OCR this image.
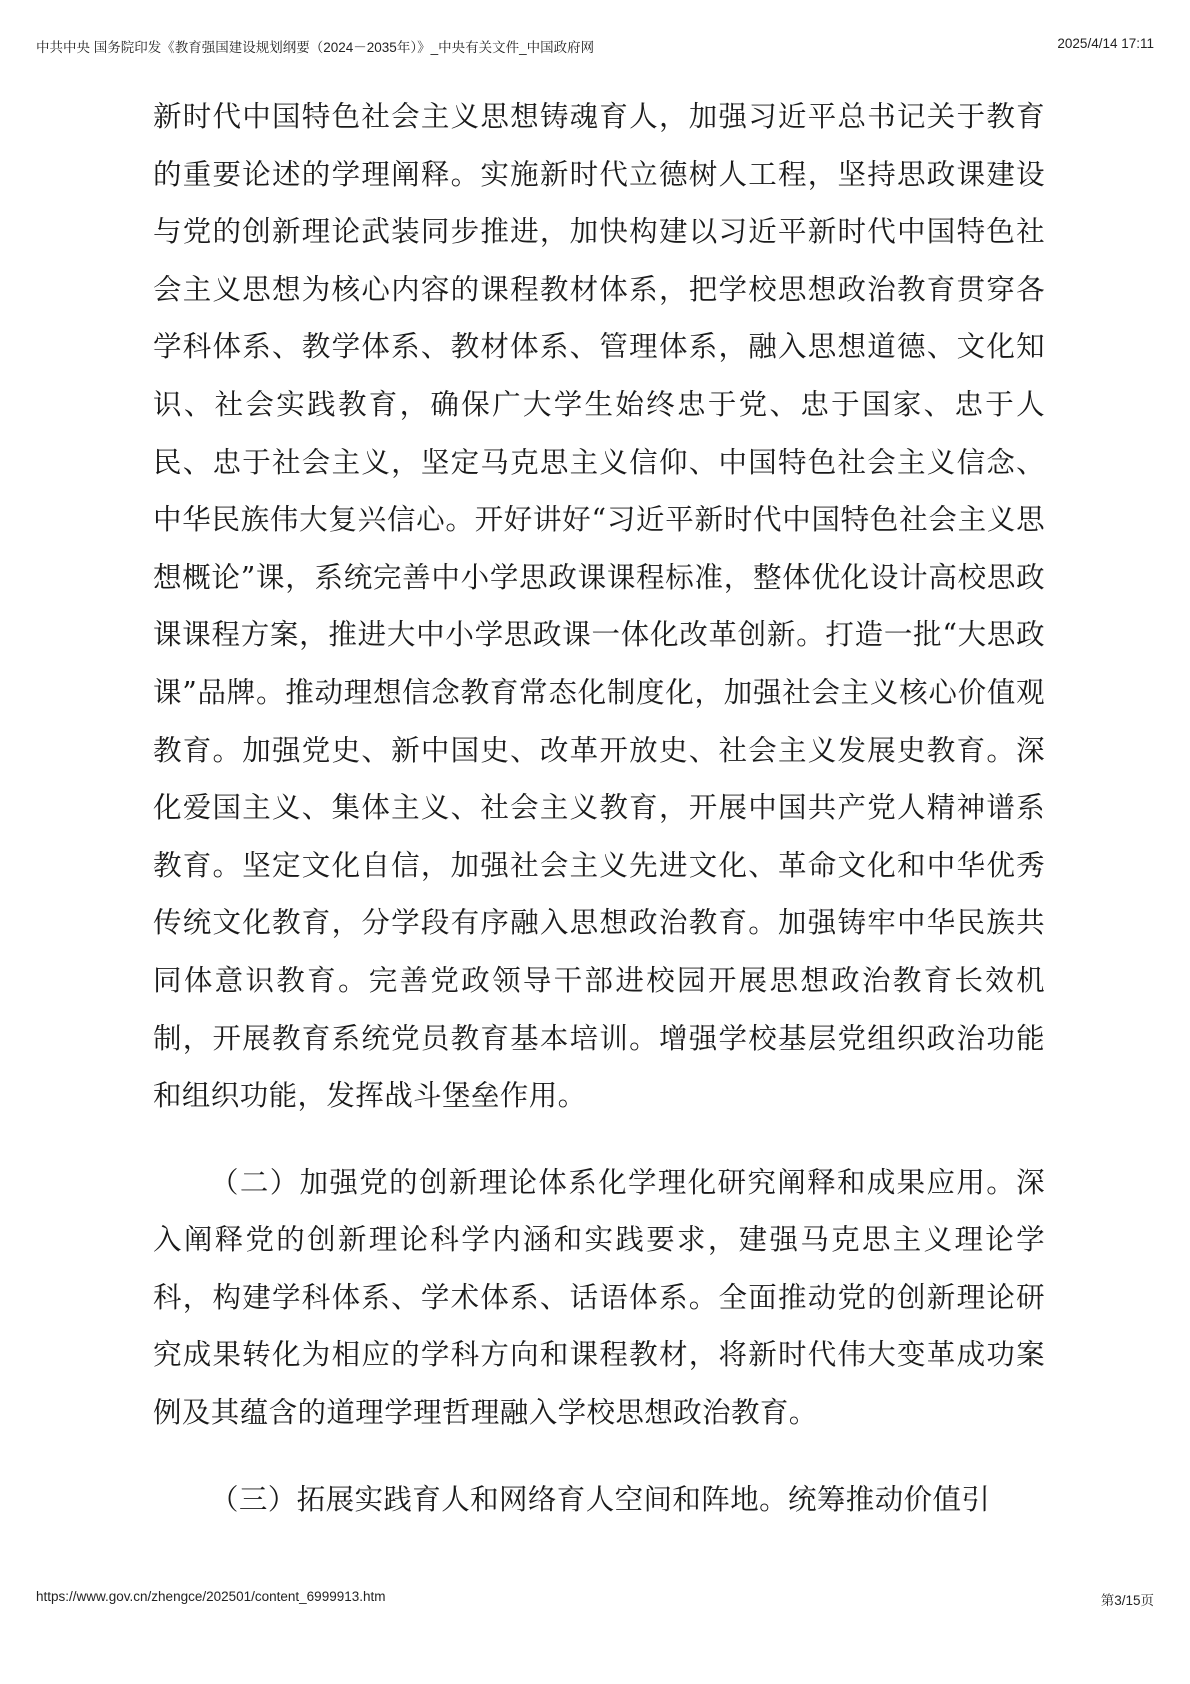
中共中央 国务院印发《教育强国建设规划纲要（2024－2035年）》_中央有关文件_中国政府网	2025/4/14 17:11

新时代中国特色社会主义思想铸魂育人，加强习近平总书记关于教育的重要论述的学理阐释。实施新时代立德树人工程，坚持思政课建设与党的创新理论武装同步推进，加快构建以习近平新时代中国特色社会主义思想为核心内容的课程教材体系，把学校思想政治教育贯穿各学科体系、教学体系、教材体系、管理体系，融入思想道德、文化知识、社会实践教育，确保广大学生始终忠于党、忠于国家、忠于人民、忠于社会主义，坚定马克思主义信仰、中国特色社会主义信念、中华民族伟大复兴信心。开好讲好“习近平新时代中国特色社会主义思想概论”课，系统完善中小学思政课课程标准，整体优化设计高校思政课课程方案，推进大中小学思政课一体化改革创新。打造一批“大思政课”品牌。推动理想信念教育常态化制度化，加强社会主义核心价值观教育。加强党史、新中国史、改革开放史、社会主义发展史教育。深化爱国主义、集体主义、社会主义教育，开展中国共产党人精神谱系教育。坚定文化自信，加强社会主义先进文化、革命文化和中华优秀传统文化教育，分学段有序融入思想政治教育。加强铸牢中华民族共同体意识教育。完善党政领导干部进校园开展思想政治教育长效机制，开展教育系统党员教育基本培训。增强学校基层党组织政治功能和组织功能，发挥战斗堡垒作用。

（二）加强党的创新理论体系化学理化研究阐释和成果应用。深入阐释党的创新理论科学内涵和实践要求，建强马克思主义理论学科，构建学科体系、学术体系、话语体系。全面推动党的创新理论研究成果转化为相应的学科方向和课程教材，将新时代伟大变革成功案例及其蕴含的道理学理哲理融入学校思想政治教育。

（三）拓展实践育人和网络育人空间和阵地。统筹推动价值引

https://www.gov.cn/zhengce/202501/content_6999913.htm	第3/15页
